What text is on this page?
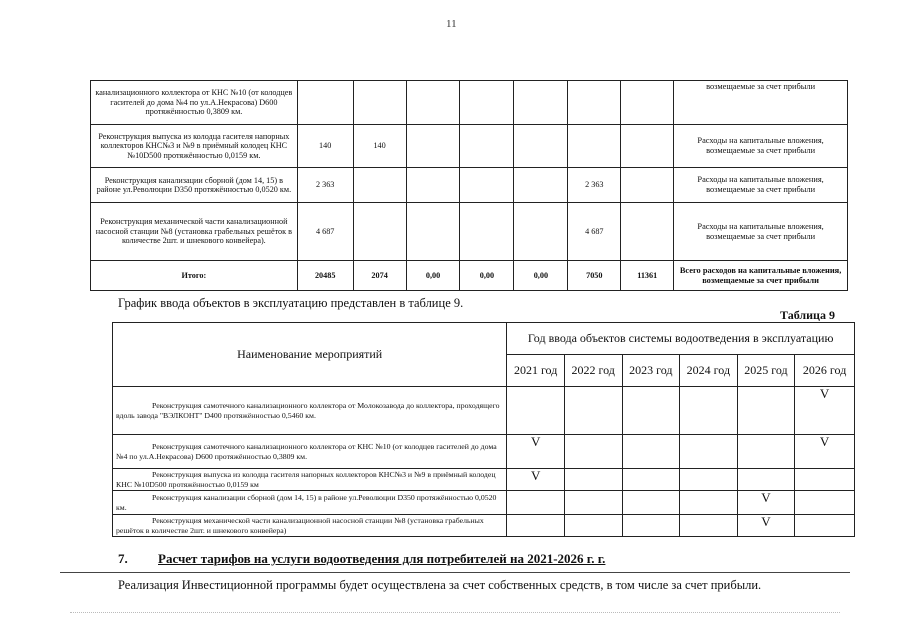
11
канализационного коллектора от КНС №10 (от колодцев гасителей до дома №4 по ул.А.Некрасова) D600 протяжённостью 0,3809 км.								возмещаемые за счет прибыли
Реконструкция выпуска из колодца гасителя напорных коллекторов КНС№3 и №9 в приёмный колодец КНС №10D500 протяжённостью 0,0159 км.	140	140						Расходы на капитальные вложения, возмещаемые за счет прибыли
Реконструкция канализации сборной (дом 14, 15) в районе ул.Революции D350 протяжённостью 0,0520 км.	2 363					2 363		Расходы на капитальные вложения, возмещаемые за счет прибыли
Реконструкция механической части канализационной насосной станции №8 (установка грабельных решёток в количестве 2шт. и шнекового конвейера).	4 687					4 687		Расходы на капитальные вложения, возмещаемые за счет прибыли
Итого:	20485	2074	0,00	0,00	0,00	7050	11361	Всего расходов на капитальные вложения, возмещаемые за счет прибыли
График ввода объектов в эксплуатацию представлен в таблице 9.
Таблица 9
Наименование мероприятий	Год ввода объектов системы водоотведения в эксплуатацию					
	2021 год	2022 год	2023 год	2024 год	2025 год	2026 год
Реконструкция самотечного канализационного коллектора от Молокозавода до коллектора, проходящего вдоль завода "ВЭЛКОНТ" D400 протяжённостью 0,5460 км.						V
Реконструкция самотечного канализационного коллектора от КНС №10 (от колодцев гасителей до дома №4 по ул.А.Некрасова) D600 протяжённостью 0,3809 км.	V					V
Реконструкция выпуска из колодца гасителя напорных коллекторов КНС№3 и №9 в приёмный колодец КНС №10D500 протяжённостью 0,0159 км	V					
Реконструкция канализации сборной (дом 14, 15) в районе ул.Революции D350 протяжённостью 0,0520 км.					V	
Реконструкция механической части канализационной насосной станции №8 (установка грабельных решёток в количестве 2шт. и шнекового конвейера)					V	
7. Расчет тарифов на услуги водоотведения для потребителей на 2021-2026 г. г.
Реализация Инвестиционной программы будет осуществлена за счет собственных средств, в том числе за счет прибыли.
